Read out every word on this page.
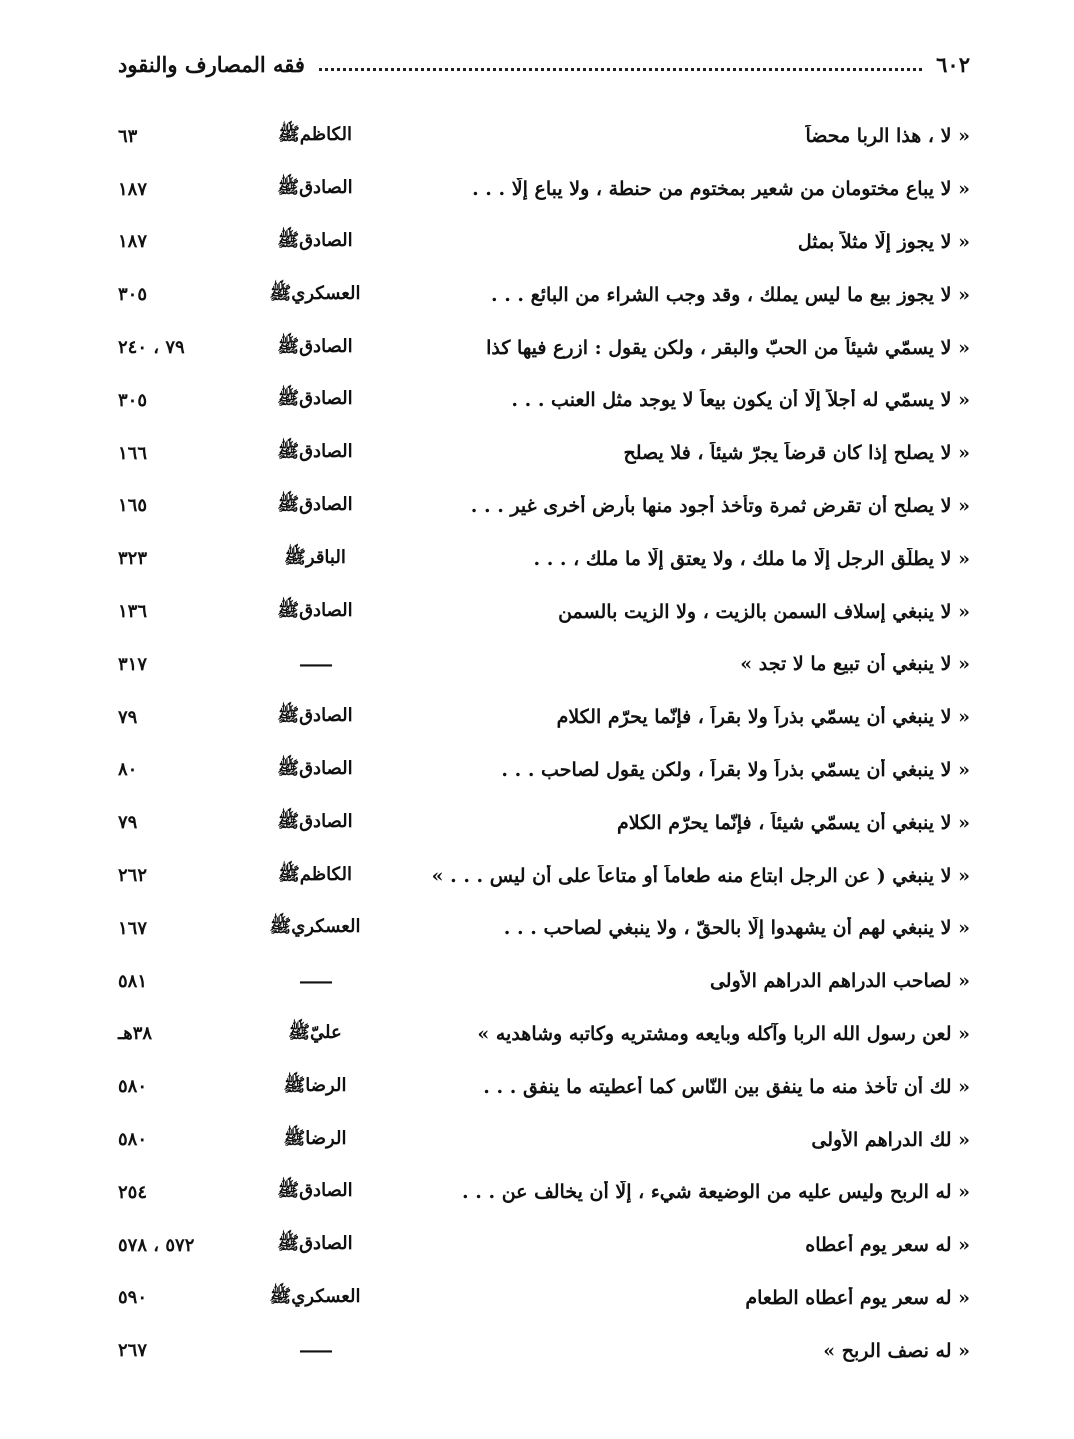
٦٠٢
فقه المصارف والنقود
« لا ، هذا الربا محضاً
الكاظمﷺ
٦٣
« لا يباع مختومان من شعير بمختوم من حنطة ، ولا يباع إلّا . . .
الصادقﷺ
١٨٧
« لا يجوز إلّا مثلاً بمثل
الصادقﷺ
١٨٧
« لا يجوز بيع ما ليس يملك ، وقد وجب الشراء من البائع . . .
العسكريﷺ
٣٠٥
« لا يسمّي شيئاً من الحبّ والبقر ، ولكن يقول : ازرع فيها كذا
الصادقﷺ
٧٩ ، ٢٤٠
« لا يسمّي له أجلاً إلّا أن يكون بيعاً لا يوجد مثل العنب . . .
الصادقﷺ
٣٠٥
« لا يصلح إذا كان قرضاً يجرّ شيئاً ، فلا يصلح
الصادقﷺ
١٦٦
« لا يصلح أن تقرض ثمرة وتأخذ أجود منها بأرض أُخرى غير . . .
الصادقﷺ
١٦٥
« لا يطلّق الرجل إلّا ما ملك ، ولا يعتق إلّا ما ملك ، . . .
الباقرﷺ
٣٢٣
« لا ينبغي إسلاف السمن بالزيت ، ولا الزيت بالسمن
الصادقﷺ
١٣٦
« لا ينبغي أن تبيع ما لا تجد »
——
٣١٧
« لا ينبغي أن يسمّي بذراً ولا بقراً ، فإنّما يحرّم الكلام
الصادقﷺ
٧٩
« لا ينبغي أن يسمّي بذراً ولا بقراً ، ولكن يقول لصاحب . . .
الصادقﷺ
٨٠
« لا ينبغي أن يسمّي شيئاً ، فإنّما يحرّم الكلام
الصادقﷺ
٧٩
« لا ينبغي ( عن الرجل ابتاع منه طعاماً أو متاعاً على أن ليس . . . »
الكاظمﷺ
٢٦٢
« لا ينبغي لهم أن يشهدوا إلّا بالحقّ ، ولا ينبغي لصاحب . . .
العسكريﷺ
١٦٧
« لصاحب الدراهم الدراهم الأُولى
——
٥٨١
« لعن رسول الله الربا وآكله وبايعه ومشتريه وكاتبه وشاهديه »
عليّﷺ
٣٨هـ
« لك أن تأخذ منه ما ينفق بين النّاس كما أعطيته ما ينفق . . .
الرضاﷺ
٥٨٠
« لك الدراهم الأُولى
الرضاﷺ
٥٨٠
« له الربح وليس عليه من الوضيعة شيء ، إلّا أن يخالف عن . . .
الصادقﷺ
٢٥٤
« له سعر يوم أعطاه
الصادقﷺ
٥٧٢ ، ٥٧٨
« له سعر يوم أعطاه الطعام
العسكريﷺ
٥٩٠
« له نصف الربح »
——
٢٦٧
